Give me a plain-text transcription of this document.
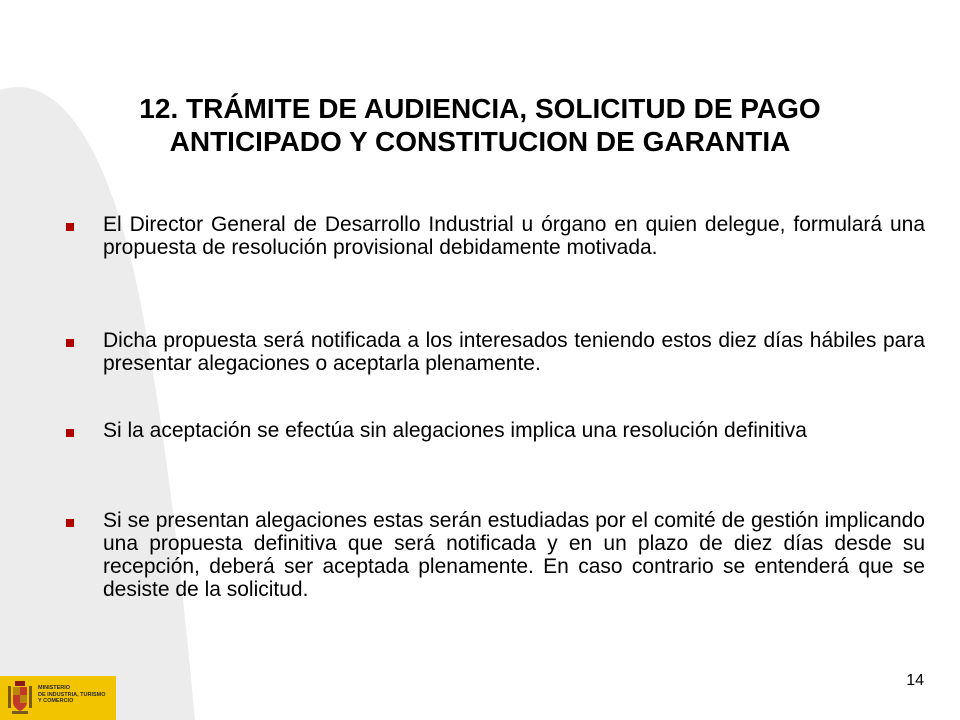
12. TRÁMITE DE AUDIENCIA, SOLICITUD DE PAGO
ANTICIPADO Y CONSTITUCION DE GARANTIA
El Director General de Desarrollo Industrial u órgano en quien delegue, formulará una propuesta de resolución provisional debidamente motivada.
Dicha propuesta será notificada a los interesados teniendo estos diez días hábiles para presentar alegaciones o aceptarla plenamente.
Si la aceptación se efectúa sin alegaciones implica una resolución definitiva
Si se presentan alegaciones estas serán estudiadas por el comité de gestión implicando una propuesta definitiva que será notificada y en un plazo de diez días desde su recepción, deberá ser aceptada plenamente. En caso contrario se entenderá que se desiste de la solicitud.
14
MINISTERIO
DE INDUSTRIA, TURISMO
Y COMERCIO
